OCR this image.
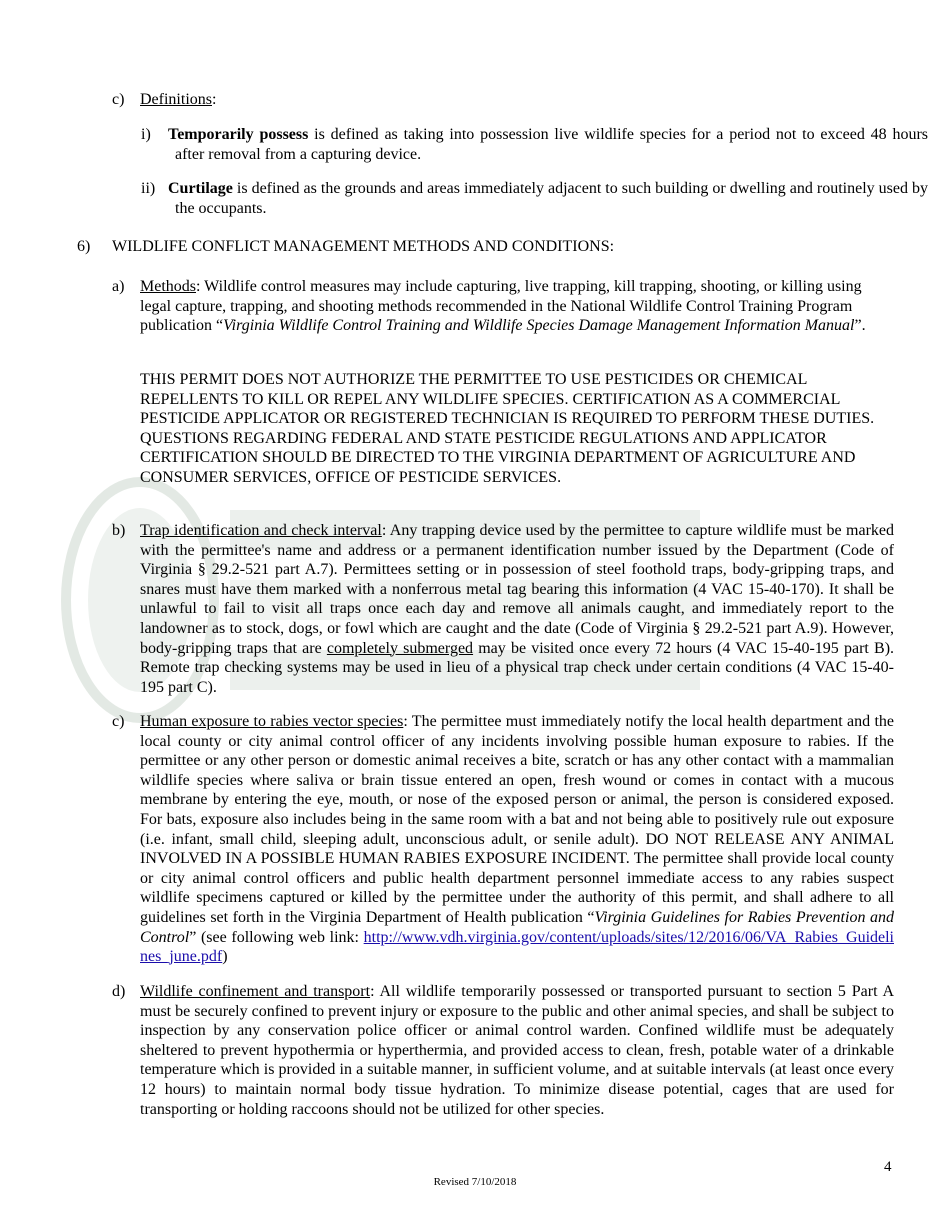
c) Definitions:
i) Temporarily possess is defined as taking into possession live wildlife species for a period not to exceed 48 hours after removal from a capturing device.
ii) Curtilage is defined as the grounds and areas immediately adjacent to such building or dwelling and routinely used by the occupants.
6) WILDLIFE CONFLICT MANAGEMENT METHODS AND CONDITIONS:
a) Methods: Wildlife control measures may include capturing, live trapping, kill trapping, shooting, or killing using legal capture, trapping, and shooting methods recommended in the National Wildlife Control Training Program publication “Virginia Wildlife Control Training and Wildlife Species Damage Management Information Manual”.
THIS PERMIT DOES NOT AUTHORIZE THE PERMITTEE TO USE PESTICIDES OR CHEMICAL REPELLENTS TO KILL OR REPEL ANY WILDLIFE SPECIES. CERTIFICATION AS A COMMERCIAL PESTICIDE APPLICATOR OR REGISTERED TECHNICIAN IS REQUIRED TO PERFORM THESE DUTIES. QUESTIONS REGARDING FEDERAL AND STATE PESTICIDE REGULATIONS AND APPLICATOR CERTIFICATION SHOULD BE DIRECTED TO THE VIRGINIA DEPARTMENT OF AGRICULTURE AND CONSUMER SERVICES, OFFICE OF PESTICIDE SERVICES.
b) Trap identification and check interval: Any trapping device used by the permittee to capture wildlife must be marked with the permittee's name and address or a permanent identification number issued by the Department (Code of Virginia § 29.2-521 part A.7). Permittees setting or in possession of steel foothold traps, body-gripping traps, and snares must have them marked with a nonferrous metal tag bearing this information (4 VAC 15-40-170). It shall be unlawful to fail to visit all traps once each day and remove all animals caught, and immediately report to the landowner as to stock, dogs, or fowl which are caught and the date (Code of Virginia § 29.2-521 part A.9). However, body-gripping traps that are completely submerged may be visited once every 72 hours (4 VAC 15-40-195 part B). Remote trap checking systems may be used in lieu of a physical trap check under certain conditions (4 VAC 15-40-195 part C).
c) Human exposure to rabies vector species: The permittee must immediately notify the local health department and the local county or city animal control officer of any incidents involving possible human exposure to rabies. If the permittee or any other person or domestic animal receives a bite, scratch or has any other contact with a mammalian wildlife species where saliva or brain tissue entered an open, fresh wound or comes in contact with a mucous membrane by entering the eye, mouth, or nose of the exposed person or animal, the person is considered exposed. For bats, exposure also includes being in the same room with a bat and not being able to positively rule out exposure (i.e. infant, small child, sleeping adult, unconscious adult, or senile adult). DO NOT RELEASE ANY ANIMAL INVOLVED IN A POSSIBLE HUMAN RABIES EXPOSURE INCIDENT. The permittee shall provide local county or city animal control officers and public health department personnel immediate access to any rabies suspect wildlife specimens captured or killed by the permittee under the authority of this permit, and shall adhere to all guidelines set forth in the Virginia Department of Health publication “Virginia Guidelines for Rabies Prevention and Control” (see following web link: http://www.vdh.virginia.gov/content/uploads/sites/12/2016/06/VA_Rabies_Guidelines_june.pdf)
d) Wildlife confinement and transport: All wildlife temporarily possessed or transported pursuant to section 5 Part A must be securely confined to prevent injury or exposure to the public and other animal species, and shall be subject to inspection by any conservation police officer or animal control warden. Confined wildlife must be adequately sheltered to prevent hypothermia or hyperthermia, and provided access to clean, fresh, potable water of a drinkable temperature which is provided in a suitable manner, in sufficient volume, and at suitable intervals (at least once every 12 hours) to maintain normal body tissue hydration. To minimize disease potential, cages that are used for transporting or holding raccoons should not be utilized for other species.
4
Revised 7/10/2018
